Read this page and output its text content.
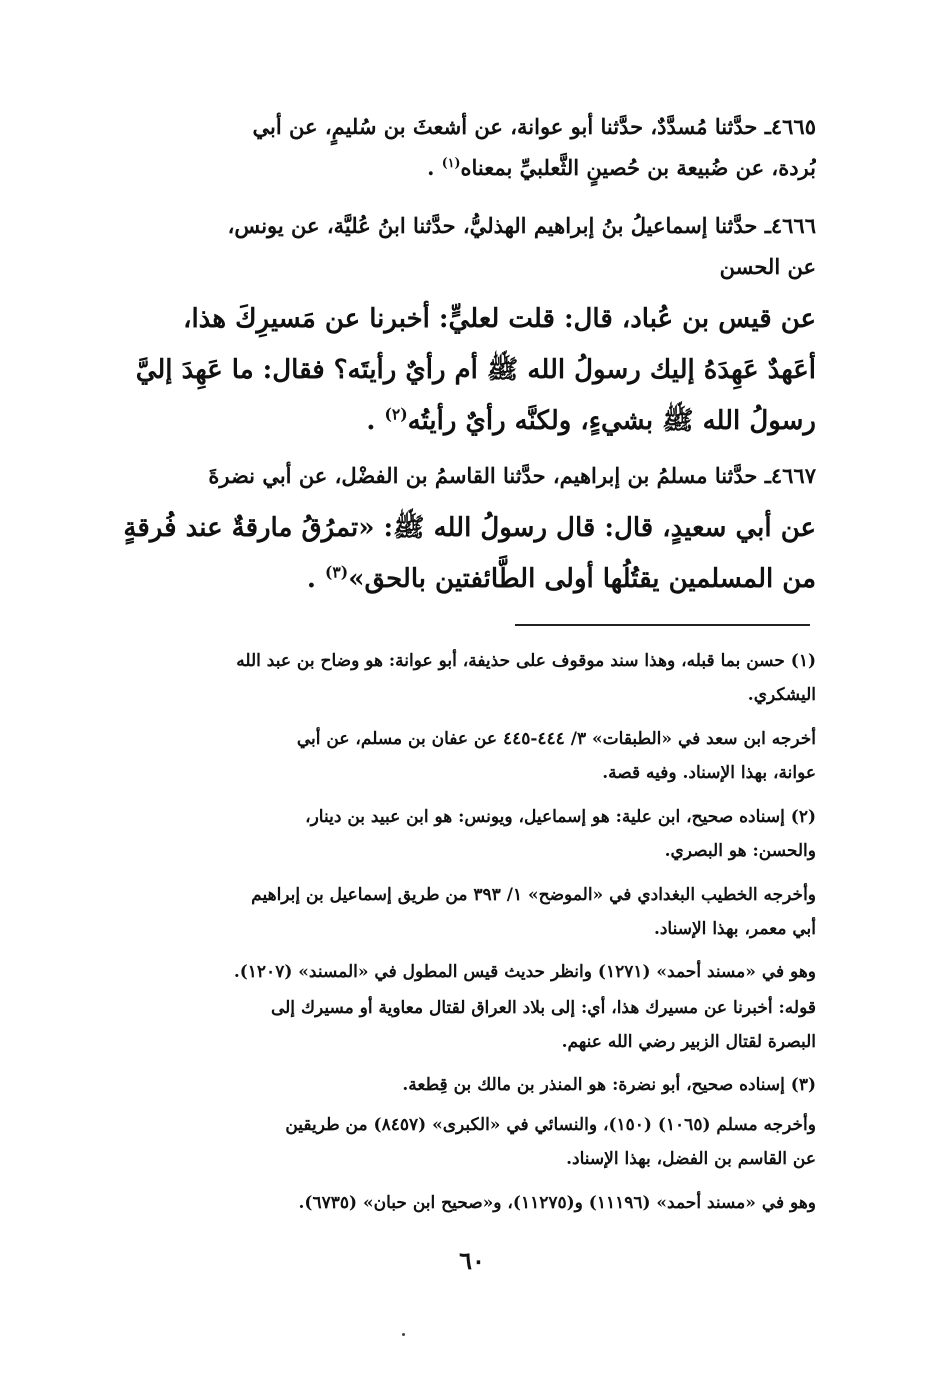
٤٦٦٥ـ حدَّثنا مُسدَّدٌ، حدَّثنا أبو عوانة، عن أشعثَ بن سُليمٍ، عن أبي
بُردة، عن ضُبيعة بن حُصينٍ الثَّعلبيِّ بمعناه$^{(١)}$ .

٤٦٦٦ـ حدَّثنا إسماعيلُ بنُ إبراهيم الهذليُّ، حدَّثنا ابنُ عُليَّة، عن يونس،
عن الحسن

عن قيس بن عُباد، قال: قلت لعليٍّ: أخبرنا عن مَسيرِكَ هذا،
أعَهدٌ عَهِدَهُ إليك رسولُ الله ﷺ أم رأيٌ رأيتَه؟ فقال: ما عَهِدَ إليَّ
رسولُ الله ﷺ بشيءٍ، ولكنَّه رأيٌ رأيتُه$^{(٢)}$ .

٤٦٦٧ـ حدَّثنا مسلمُ بن إبراهيم، حدَّثنا القاسمُ بن الفضْل، عن أبي نضرةَ

عن أبي سعيدٍ، قال: قال رسولُ الله ﷺ: «تمرُقُ مارقةٌ عند فُرقةٍ
من المسلمين يقتُلُها أولى الطَّائفتين بالحق»$^{(٣)}$ .

(١) حسن بما قبله، وهذا سند موقوف على حذيفة، أبو عوانة: هو وضاح بن عبد الله
اليشكري.

أخرجه ابن سعد في «الطبقات» ٣/ ٤٤٤-٤٤٥ عن عفان بن مسلم، عن أبي
عوانة، بهذا الإسناد. وفيه قصة.

(٢) إسناده صحيح، ابن علية: هو إسماعيل، ويونس: هو ابن عبيد بن دينار،
والحسن: هو البصري.

وأخرجه الخطيب البغدادي في «الموضح» ١/ ٣٩٣ من طريق إسماعيل بن إبراهيم
أبي معمر، بهذا الإسناد.

وهو في «مسند أحمد» (١٢٧١) وانظر حديث قيس المطول في «المسند» (١٢٠٧).

قوله: أخبرنا عن مسيرك هذا، أي: إلى بلاد العراق لقتال معاوية أو مسيرك إلى
البصرة لقتال الزبير رضي الله عنهم.

(٣) إسناده صحيح، أبو نضرة: هو المنذر بن مالك بن قِطعة.

وأخرجه مسلم (١٠٦٥) (١٥٠)، والنسائي في «الكبرى» (٨٤٥٧) من طريقين
عن القاسم بن الفضل، بهذا الإسناد.

وهو في «مسند أحمد» (١١١٩٦) و(١١٢٧٥)، و«صحيح ابن حبان» (٦٧٣٥).

٦٠
